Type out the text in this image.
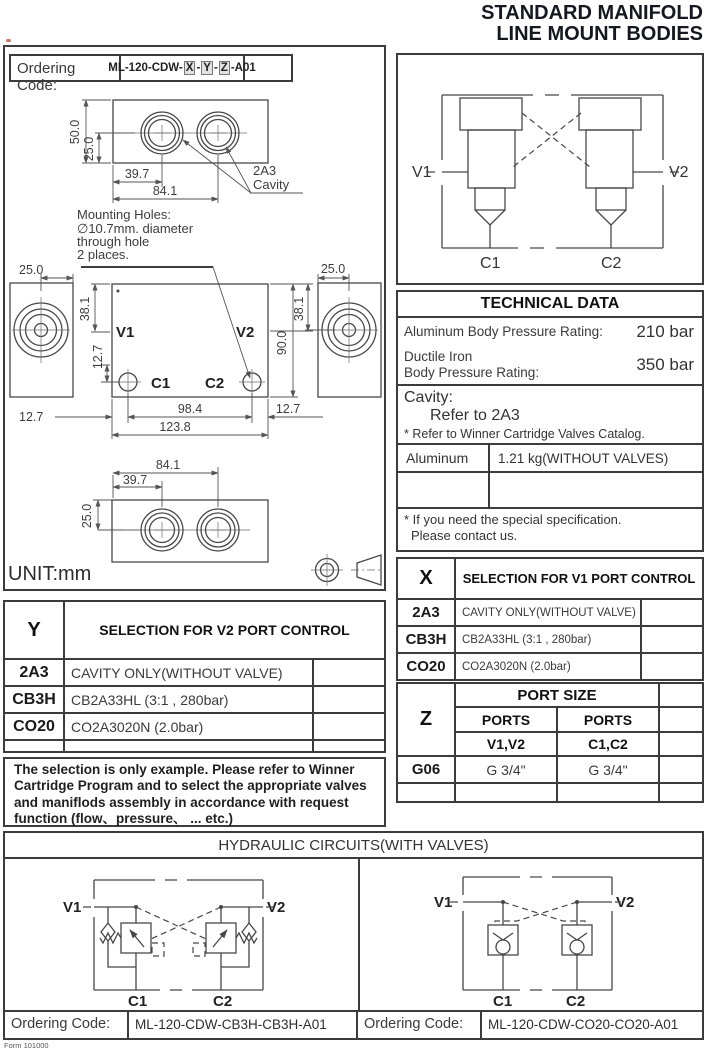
STANDARD MANIFOLD
LINE MOUNT BODIES
Ordering Code:
ML-120-CDW- X - Y - Z -A01
50.0
25.0
39.7
84.1
2A3
Cavity
Mounting Holes:
∅10.7mm. diameter
through hole
2 places.
V1	V2
C1 C2
25.0	25.0
38.1
12.7
90.0
38.1
12.7
98.4	12.7
123.8
84.1
39.7
25.0
UNIT:mm
V1	V2
C1	C2
TECHNICAL DATA
Aluminum Body Pressure Rating:	210 bar
Ductile Iron
Body Pressure Rating:	350 bar
Cavity:
Refer to 2A3
* Refer to Winner Cartridge Valves Catalog.
Aluminum	1.21 kg(WITHOUT VALVES)
* If you need the special specification.
Please contact us.
X	SELECTION FOR V1 PORT CONTROL	
2A3	CAVITY ONLY(WITHOUT VALVE)	
CB3H	CB2A33HL (3:1 , 280bar)	
CO20	CO2A3020N (2.0bar)	
Z	PORT SIZE		
	PORTS	PORTS	
	V1,V2	C1,C2	
G06	G 3/4"	G 3/4"	

Y	SELECTION FOR V2 PORT CONTROL	
2A3	CAVITY ONLY(WITHOUT VALVE)	
CB3H	CB2A33HL (3:1 , 280bar)	
CO20	CO2A3020N (2.0bar)	

The selection is only example. Please refer to Winner Cartridge Program and to select the appropriate valves and maniflods assembly in accordance with request function (flow、pressure、 ... etc.)
HYDRAULIC CIRCUITS(WITH VALVES)
V1	V2
C1	C2
V1	V2
C1	C2
Ordering Code:	ML-120-CDW-CB3H-CB3H-A01	Ordering Code:	ML-120-CDW-CO20-CO20-A01
Form 101000
